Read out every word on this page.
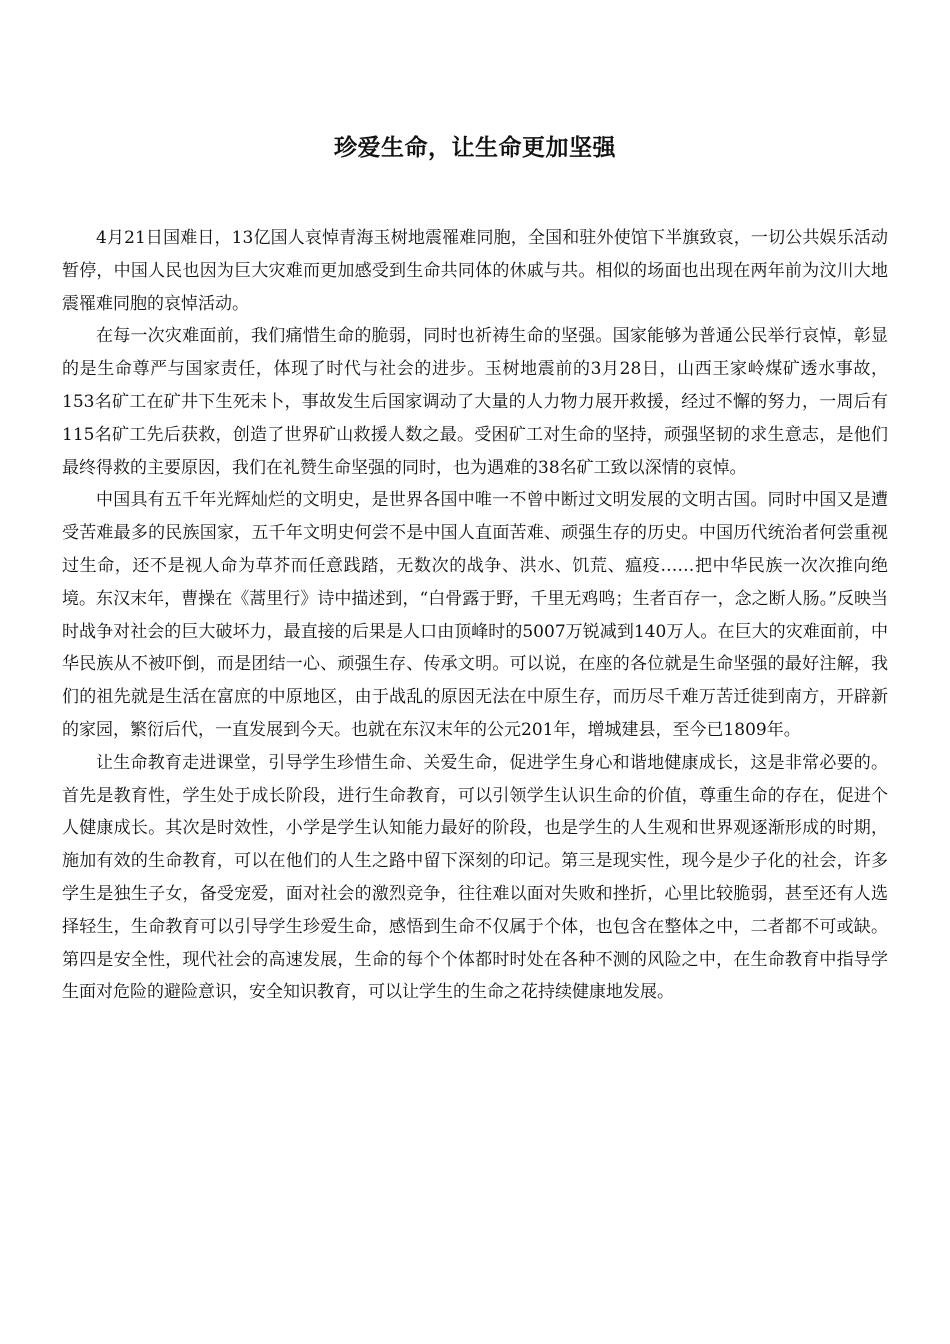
珍爱生命，让生命更加坚强

4月21日国难日，13亿国人哀悼青海玉树地震罹难同胞，全国和驻外使馆下半旗致哀，一切公共娱乐活动暂停，中国人民也因为巨大灾难而更加感受到生命共同体的休戚与共。相似的场面也出现在两年前为汶川大地震罹难同胞的哀悼活动。

在每一次灾难面前，我们痛惜生命的脆弱，同时也祈祷生命的坚强。国家能够为普通公民举行哀悼，彰显的是生命尊严与国家责任，体现了时代与社会的进步。玉树地震前的3月28日，山西王家岭煤矿透水事故，153名矿工在矿井下生死未卜，事故发生后国家调动了大量的人力物力展开救援，经过不懈的努力，一周后有115名矿工先后获救，创造了世界矿山救援人数之最。受困矿工对生命的坚持，顽强坚韧的求生意志，是他们最终得救的主要原因，我们在礼赞生命坚强的同时，也为遇难的38名矿工致以深情的哀悼。

中国具有五千年光辉灿烂的文明史，是世界各国中唯一不曾中断过文明发展的文明古国。同时中国又是遭受苦难最多的民族国家，五千年文明史何尝不是中国人直面苦难、顽强生存的历史。中国历代统治者何尝重视过生命，还不是视人命为草芥而任意践踏，无数次的战争、洪水、饥荒、瘟疫……把中华民族一次次推向绝境。东汉末年，曹操在《蒿里行》诗中描述到，“白骨露于野，千里无鸡鸣；生者百存一，念之断人肠。”反映当时战争对社会的巨大破坏力，最直接的后果是人口由顶峰时的5007万锐减到140万人。在巨大的灾难面前，中华民族从不被吓倒，而是团结一心、顽强生存、传承文明。可以说，在座的各位就是生命坚强的最好注解，我们的祖先就是生活在富庶的中原地区，由于战乱的原因无法在中原生存，而历尽千难万苦迁徙到南方，开辟新的家园，繁衍后代，一直发展到今天。也就在东汉末年的公元201年，增城建县，至今已1809年。

让生命教育走进课堂，引导学生珍惜生命、关爱生命，促进学生身心和谐地健康成长，这是非常必要的。首先是教育性，学生处于成长阶段，进行生命教育，可以引领学生认识生命的价值，尊重生命的存在，促进个人健康成长。其次是时效性，小学是学生认知能力最好的阶段，也是学生的人生观和世界观逐渐形成的时期，施加有效的生命教育，可以在他们的人生之路中留下深刻的印记。第三是现实性，现今是少子化的社会，许多学生是独生子女，备受宠爱，面对社会的激烈竞争，往往难以面对失败和挫折，心里比较脆弱，甚至还有人选择轻生，生命教育可以引导学生珍爱生命，感悟到生命不仅属于个体，也包含在整体之中，二者都不可或缺。第四是安全性，现代社会的高速发展，生命的每个个体都时时处在各种不测的风险之中，在生命教育中指导学生面对危险的避险意识，安全知识教育，可以让学生的生命之花持续健康地发展。
